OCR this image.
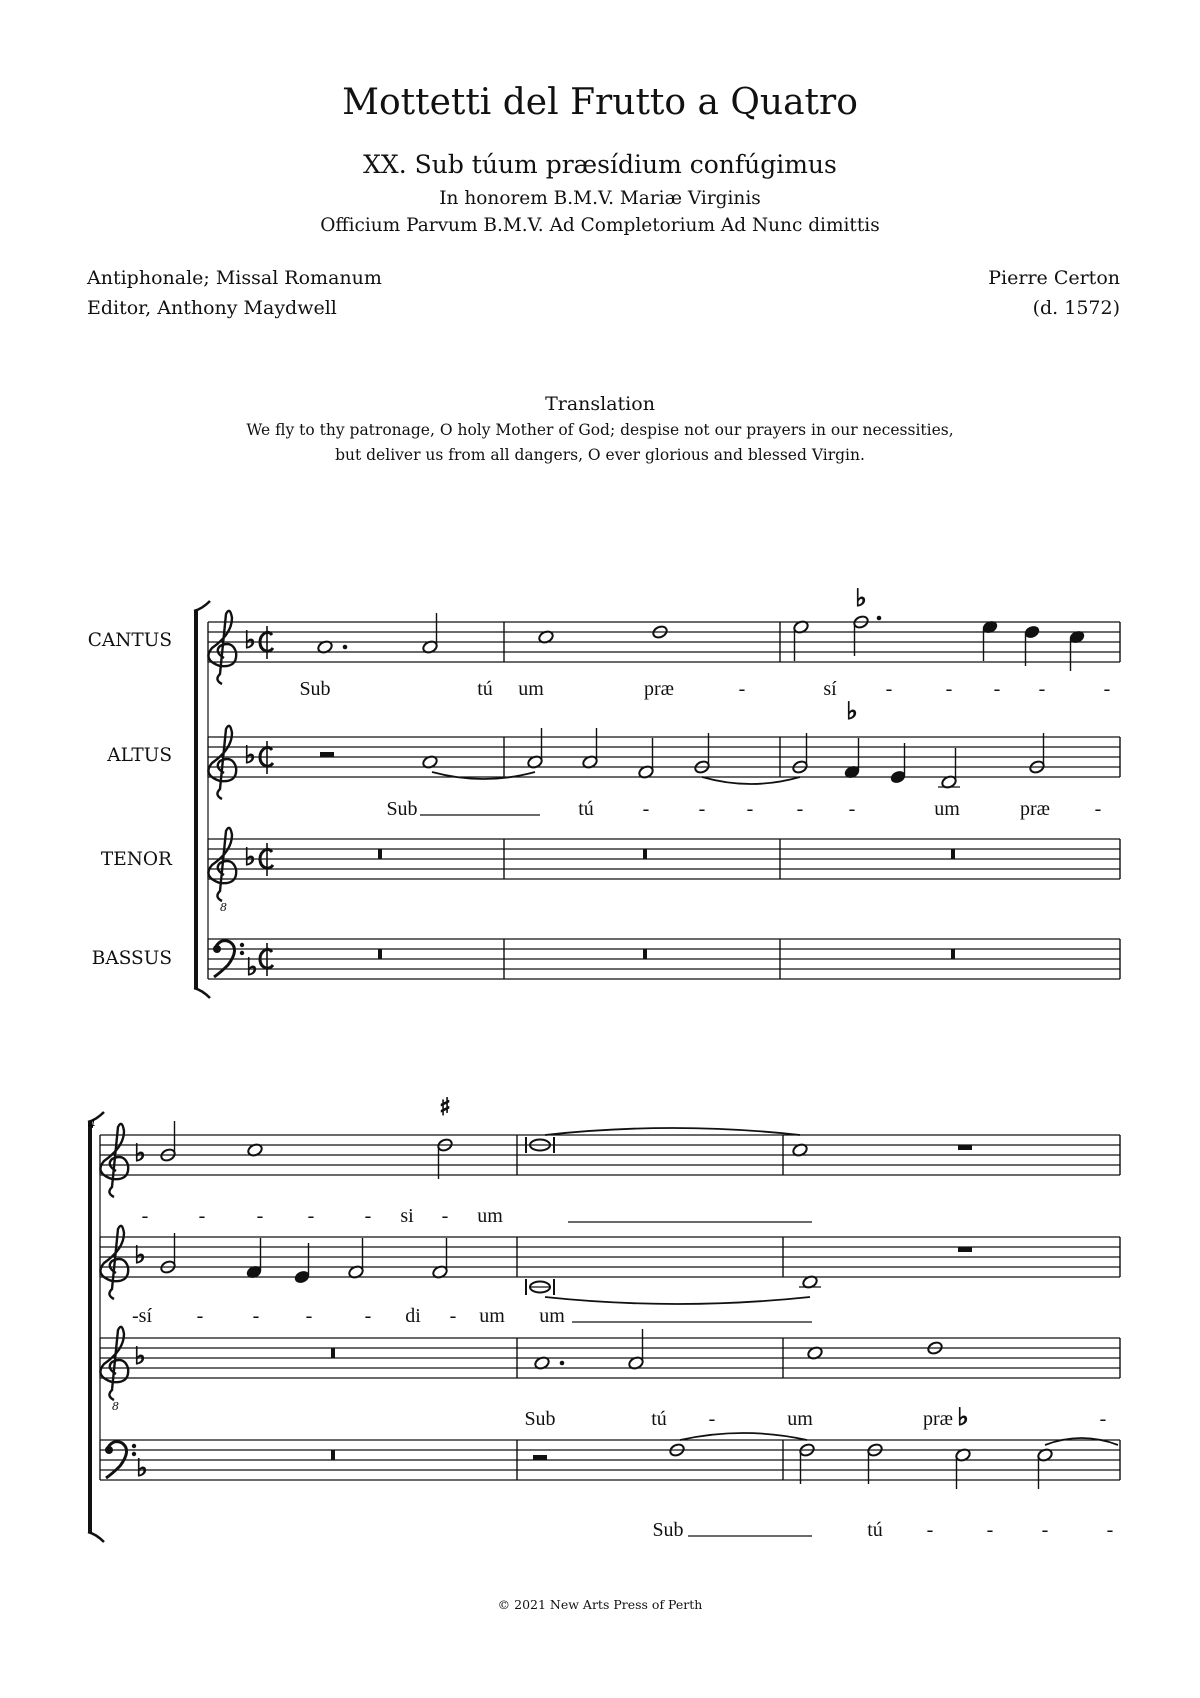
Mottetti del Frutto a Quatro
XX. Sub túum præsídium confúgimus
In honorem B.M.V. Mariæ Virginis
Officium Parvum B.M.V. Ad Completorium Ad Nunc dimittis
Antiphonale; Missal Romanum
Editor, Anthony Maydwell
Pierre Certon
(d. 1572)
Translation
We fly to thy patronage, O holy Mother of God; despise not our prayers in our necessities,
but deliver us from all dangers, O ever glorious and blessed Virgin.
CANTUS
ALTUS
TENOR
BASSUS
♭
♭
8
♭
♭
♭
♭
♭
♭
8
♭
♭
♯
♭
4
Sub	tú um	præ	-	sí -	- - -	-
Sub	tú - - - - -	um	præ -
-	-	- -	- si - um
-sí - - -	- di - um um
Sub	tú -	um	præ	-
Sub	tú -	- -	-
© 2021 New Arts Press of Perth
